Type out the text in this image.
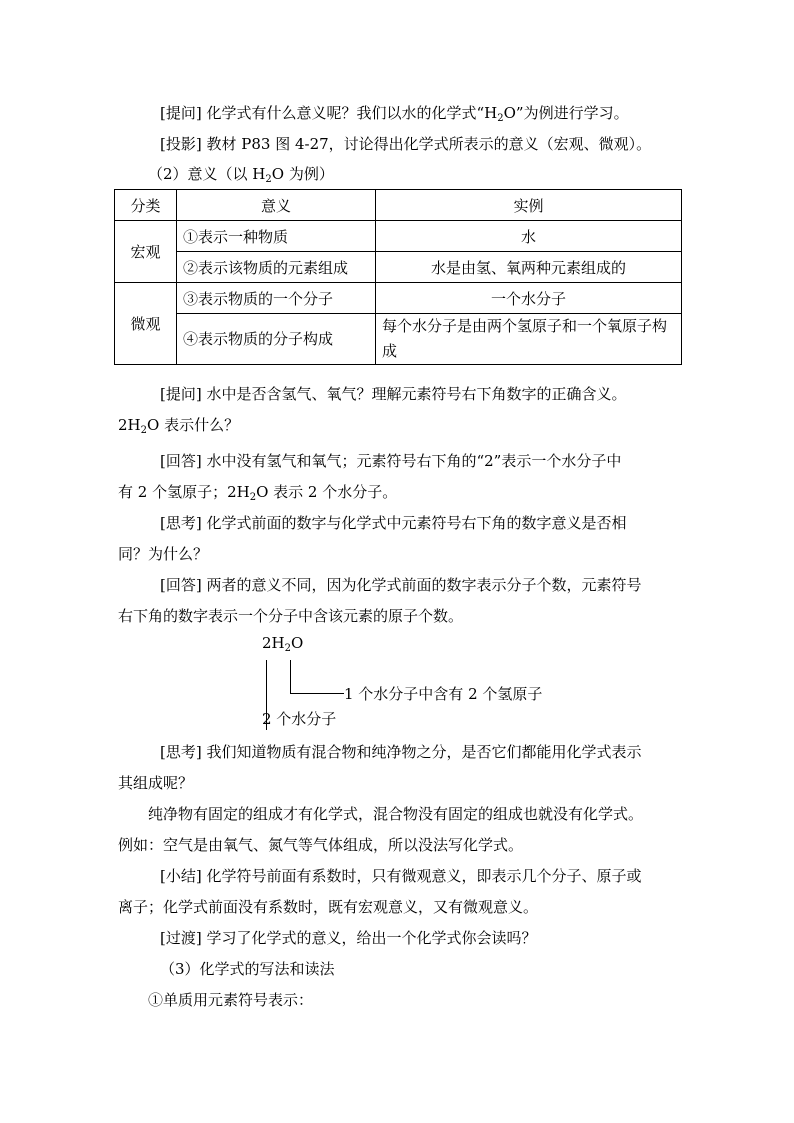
[提问] 化学式有什么意义呢？我们以水的化学式“$H_2O$”为例进行学习。
[投影] 教材 P83 图 4-27，讨论得出化学式所表示的意义（宏观、微观）。
（2）意义（以 $H_2O$ 为例）
分类	意义	实例
宏观	①表示一种物质	水
	②表示该物质的元素组成	水是由氢、氧两种元素组成的
微观	③表示物质的一个分子	一个水分子
	④表示物质的分子构成	每个水分子是由两个氢原子和一个氧原子构成
[提问] 水中是否含氢气、氧气？理解元素符号右下角数字的正确含义。
$2H_2O$ 表示什么？
[回答] 水中没有氢气和氧气；元素符号右下角的“2”表示一个水分子中
有 2 个氢原子；$2H_2O$ 表示 2 个水分子。
[思考] 化学式前面的数字与化学式中元素符号右下角的数字意义是否相
同？为什么？
[回答] 两者的意义不同，因为化学式前面的数字表示分子个数，元素符号
右下角的数字表示一个分子中含该元素的原子个数。
$2H_2O$
1 个水分子中含有 2 个氢原子
2 个水分子
[思考] 我们知道物质有混合物和纯净物之分，是否它们都能用化学式表示
其组成呢？
纯净物有固定的组成才有化学式，混合物没有固定的组成也就没有化学式。
例如：空气是由氧气、氮气等气体组成，所以没法写化学式。
[小结] 化学符号前面有系数时，只有微观意义，即表示几个分子、原子或
离子；化学式前面没有系数时，既有宏观意义，又有微观意义。
[过渡] 学习了化学式的意义，给出一个化学式你会读吗？
（3）化学式的写法和读法
①单质用元素符号表示：
